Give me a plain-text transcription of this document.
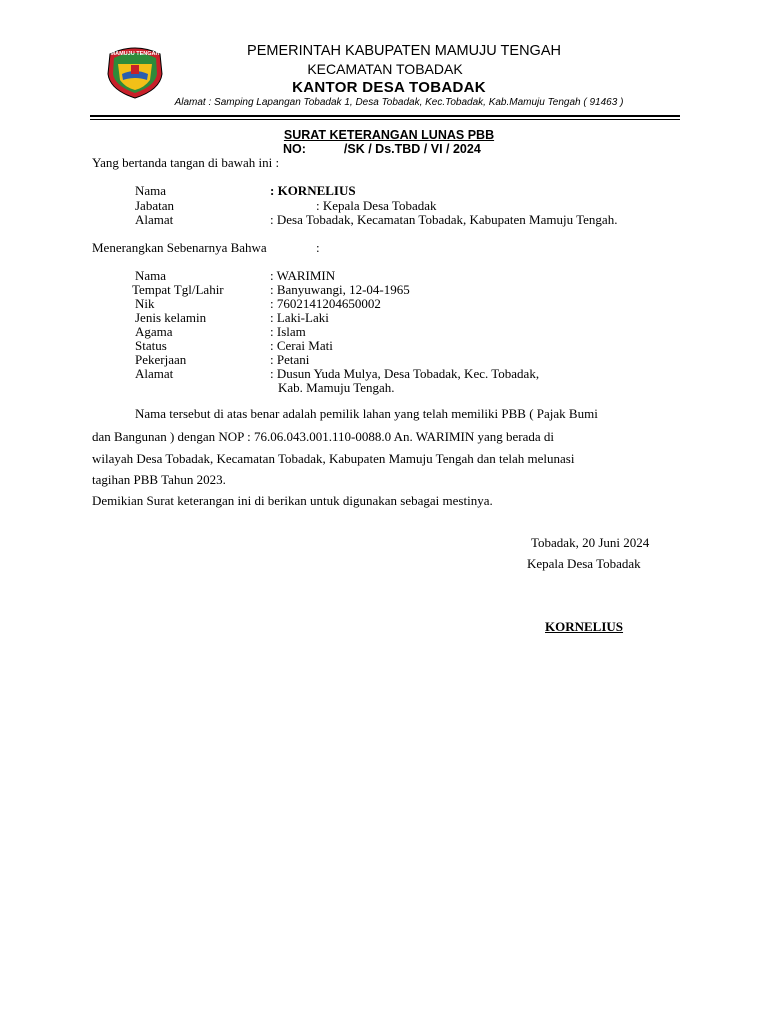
MAMUJU TENGAH	PEMERINTAH KABUPATEN MAMUJU TENGAH
KECAMATAN TOBADAK
KANTOR DESA TOBADAK
Alamat : Samping Lapangan Tobadak 1, Desa Tobadak, Kec.Tobadak, Kab.Mamuju Tengah ( 91463 )
SURAT KETERANGAN LUNAS PBB
NO:	/SK / Ds.TBD / VI / 2024
Yang bertanda tangan di bawah ini :
Nama	: KORNELIUS
Jabatan	: Kepala Desa Tobadak
Alamat	: Desa Tobadak, Kecamatan Tobadak, Kabupaten Mamuju Tengah.
Menerangkan Sebenarnya Bahwa	:
Nama	: WARIMIN
Tempat Tgl/Lahir	: Banyuwangi, 12-04-1965
Nik	: 7602141204650002
Jenis kelamin	: Laki-Laki
Agama	: Islam
Status	: Cerai Mati
Pekerjaan	: Petani
Alamat	: Dusun Yuda Mulya, Desa Tobadak, Kec. Tobadak,
Kab. Mamuju Tengah.
Nama tersebut di atas benar adalah pemilik lahan yang telah memiliki PBB ( Pajak Bumi
dan Bangunan ) dengan NOP : 76.06.043.001.110-0088.0 An. WARIMIN yang berada di
wilayah Desa Tobadak, Kecamatan Tobadak, Kabupaten Mamuju Tengah dan telah melunasi
tagihan PBB Tahun 2023.
Demikian Surat keterangan ini di berikan untuk digunakan sebagai mestinya.
Tobadak, 20 Juni 2024
Kepala Desa Tobadak
KORNELIUS
